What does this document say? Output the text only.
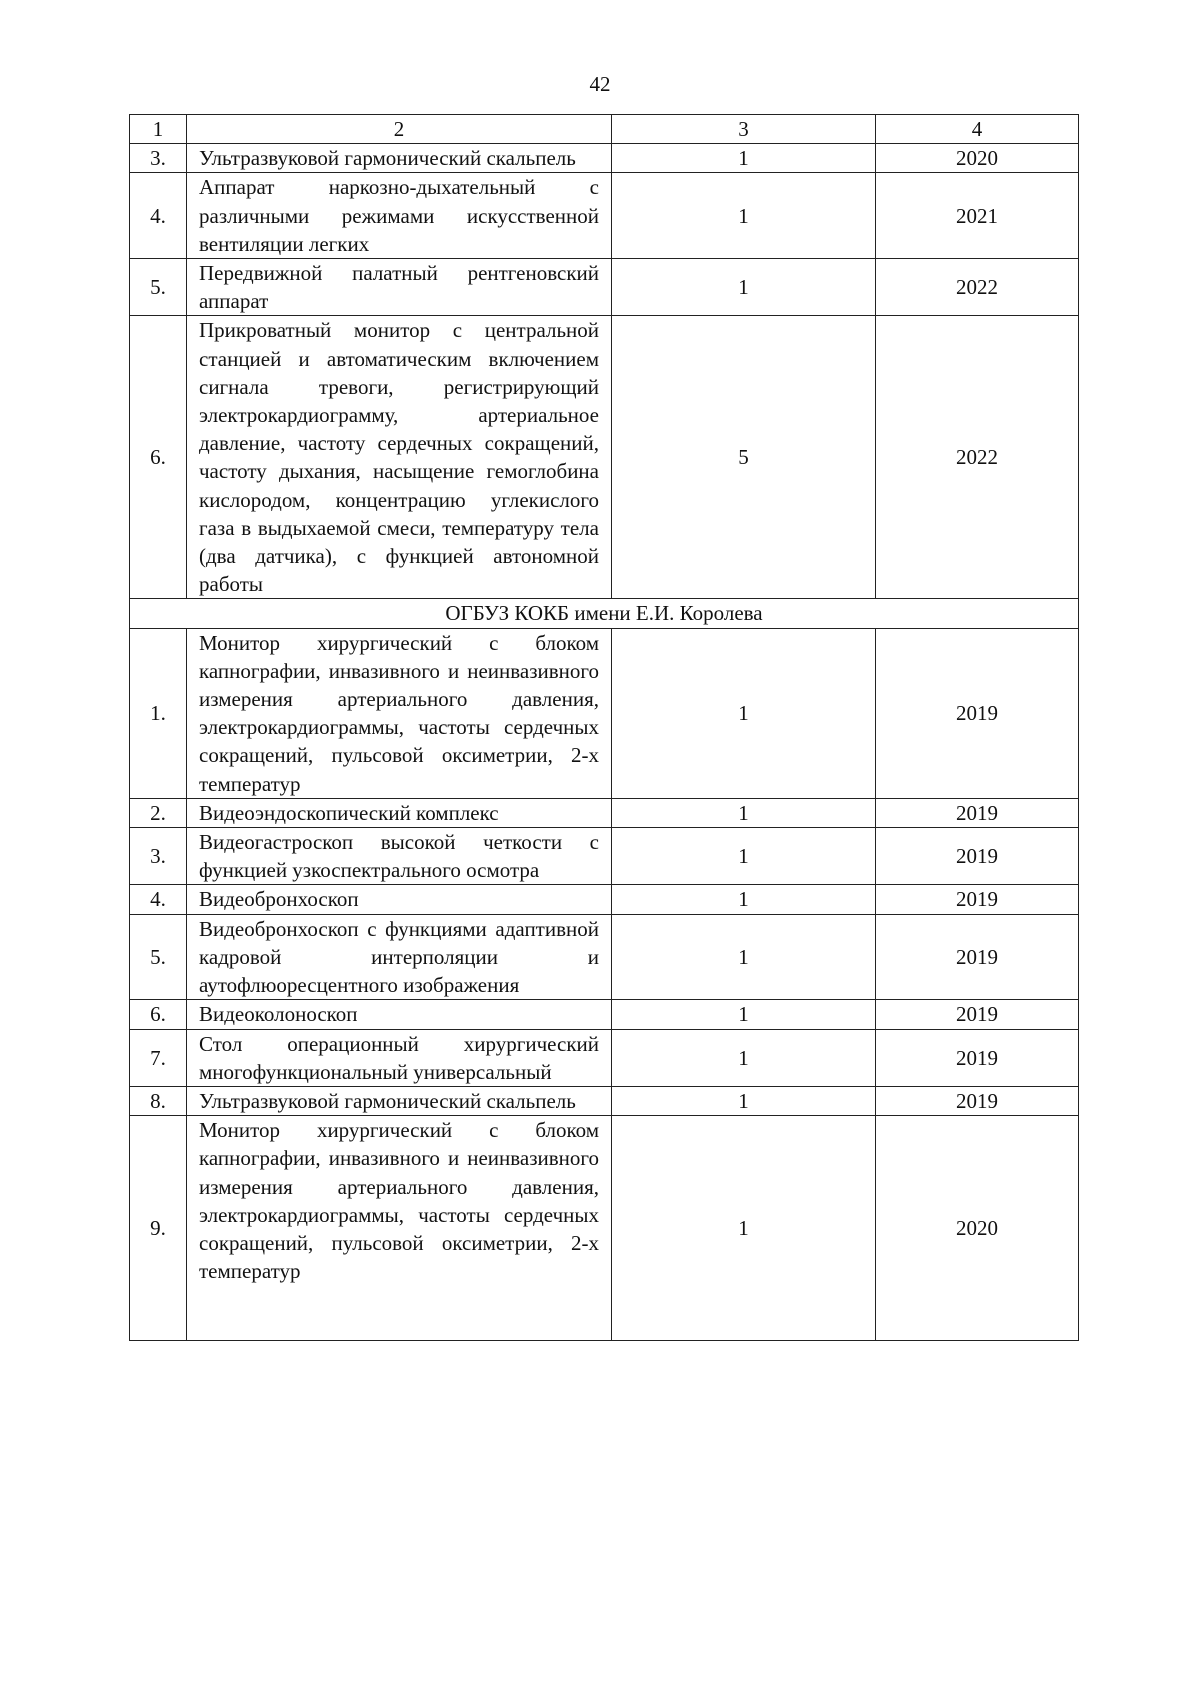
42
1	2	3	4
3.	Ультразвуковой гармонический скальпель	1	2020
4.	Аппарат наркозно-дыхательный с различными режимами искусственной вентиляции легких	1	2021
5.	Передвижной палатный рентгеновский аппарат	1	2022
6.	Прикроватный монитор с центральной станцией и автоматическим включением сигнала тревоги, регистрирующий электрокардиограмму, артериальное давление, частоту сердечных сокращений, частоту дыхания, насыщение гемоглобина кислородом, концентрацию углекислого газа в выдыхаемой смеси, температуру тела (два датчика), с функцией автономной работы	5	2022
ОГБУЗ КОКБ имени Е.И. Королева			
1.	Монитор хирургический с блоком капнографии, инвазивного и неинвазивного измерения артериального давления, электрокардиограммы, частоты сердечных сокращений, пульсовой оксиметрии, 2-х температур	1	2019
2.	Видеоэндоскопический комплекс	1	2019
3.	Видеогастроскоп высокой четкости с функцией узкоспектрального осмотра	1	2019
4.	Видеобронхоскоп	1	2019
5.	Видеобронхоскоп с функциями адаптивной кадровой интерполяции и аутофлюоресцентного изображения	1	2019
6.	Видеоколоноскоп	1	2019
7.	Стол операционный хирургический многофункциональный универсальный	1	2019
8.	Ультразвуковой гармонический скальпель	1	2019
9.	Монитор хирургический с блоком капнографии, инвазивного и неинвазивного измерения артериального давления, электрокардиограммы, частоты сердечных сокращений, пульсовой оксиметрии, 2-х температур	1	2020
